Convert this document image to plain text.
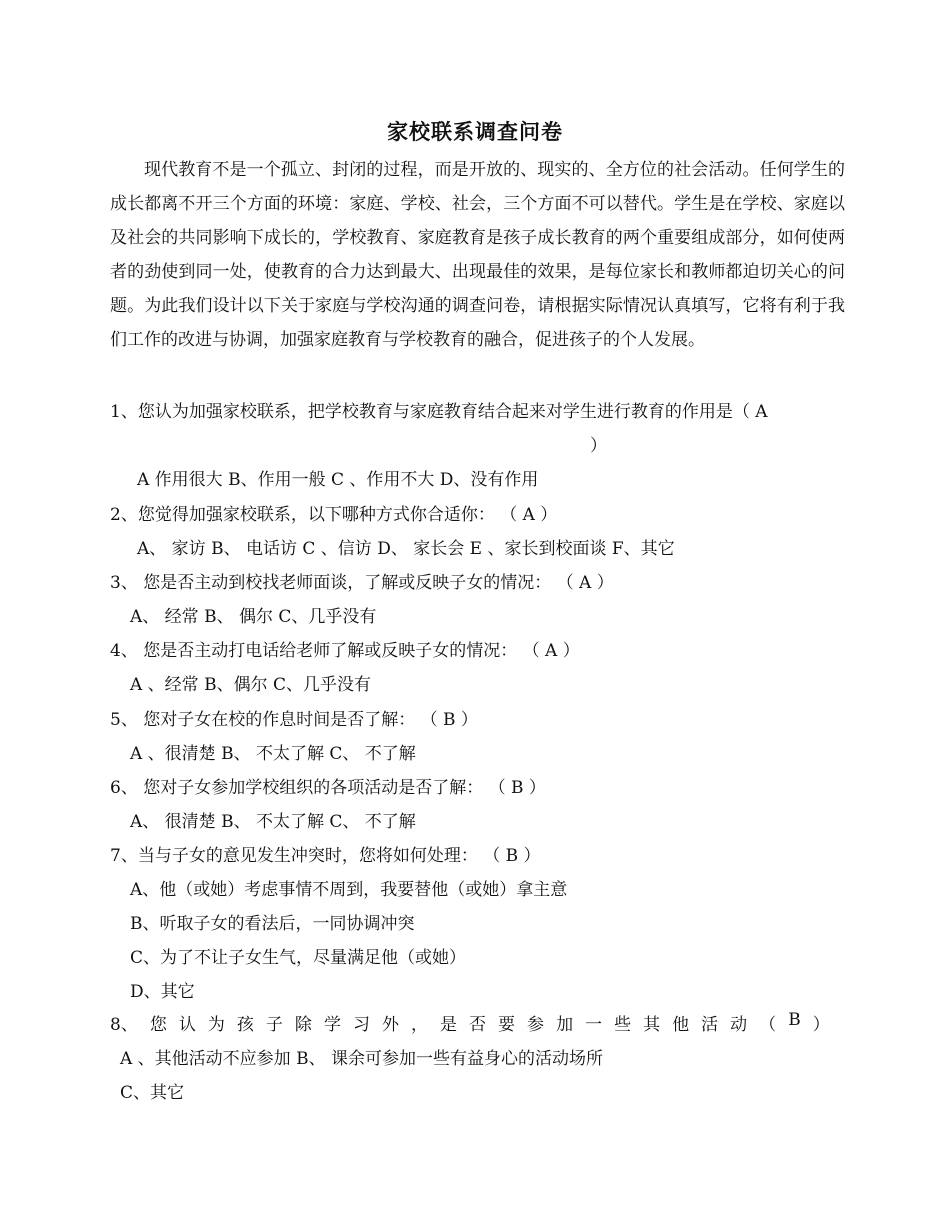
家校联系调查问卷

现代教育不是一个孤立、封闭的过程，而是开放的、现实的、全方位的社会活动。任何学生的成长都离不开三个方面的环境：家庭、学校、社会，三个方面不可以替代。学生是在学校、家庭以及社会的共同影响下成长的，学校教育、家庭教育是孩子成长教育的两个重要组成部分，如何使两者的劲使到同一处，使教育的合力达到最大、出现最佳的效果，是每位家长和教师都迫切关心的问题。为此我们设计以下关于家庭与学校沟通的调查问卷，请根据实际情况认真填写，它将有利于我们工作的改进与协调，加强家庭教育与学校教育的融合，促进孩子的个人发展。

1、您认为加强家校联系，把学校教育与家庭教育结合起来对学生进行教育的作用是（ A
）
A 作用很大 B、作用一般 C 、作用不大 D、没有作用
2、您觉得加强家校联系，以下哪种方式你合适你： （ A ）
A、 家访 B、 电话访 C 、信访 D、 家长会 E 、家长到校面谈 F、其它
3、 您是否主动到校找老师面谈，了解或反映子女的情况： （ A ）
A、 经常 B、 偶尔 C、几乎没有
4、 您是否主动打电话给老师了解或反映子女的情况： （ A ）
A 、经常 B、偶尔 C、几乎没有
5、 您对子女在校的作息时间是否了解： （ B ）
A 、很清楚 B、 不太了解 C、 不了解
6、 您对子女参加学校组织的各项活动是否了解： （ B ）
A、 很清楚 B、 不太了解 C、 不了解
7、当与子女的意见发生冲突时，您将如何处理： （ B ）
A、他（或她）考虑事情不周到，我要替他（或她）拿主意
B、听取子女的看法后，一同协调冲突
C、为了不让子女生气，尽量满足他（或她）
D、其它
8、 您 认 为 孩 子 除 学 习 外 ， 是 否 要 参 加 一 些 其 他 活 动 （ B ）
A 、其他活动不应参加 B、 课余可参加一些有益身心的活动场所
C、其它
